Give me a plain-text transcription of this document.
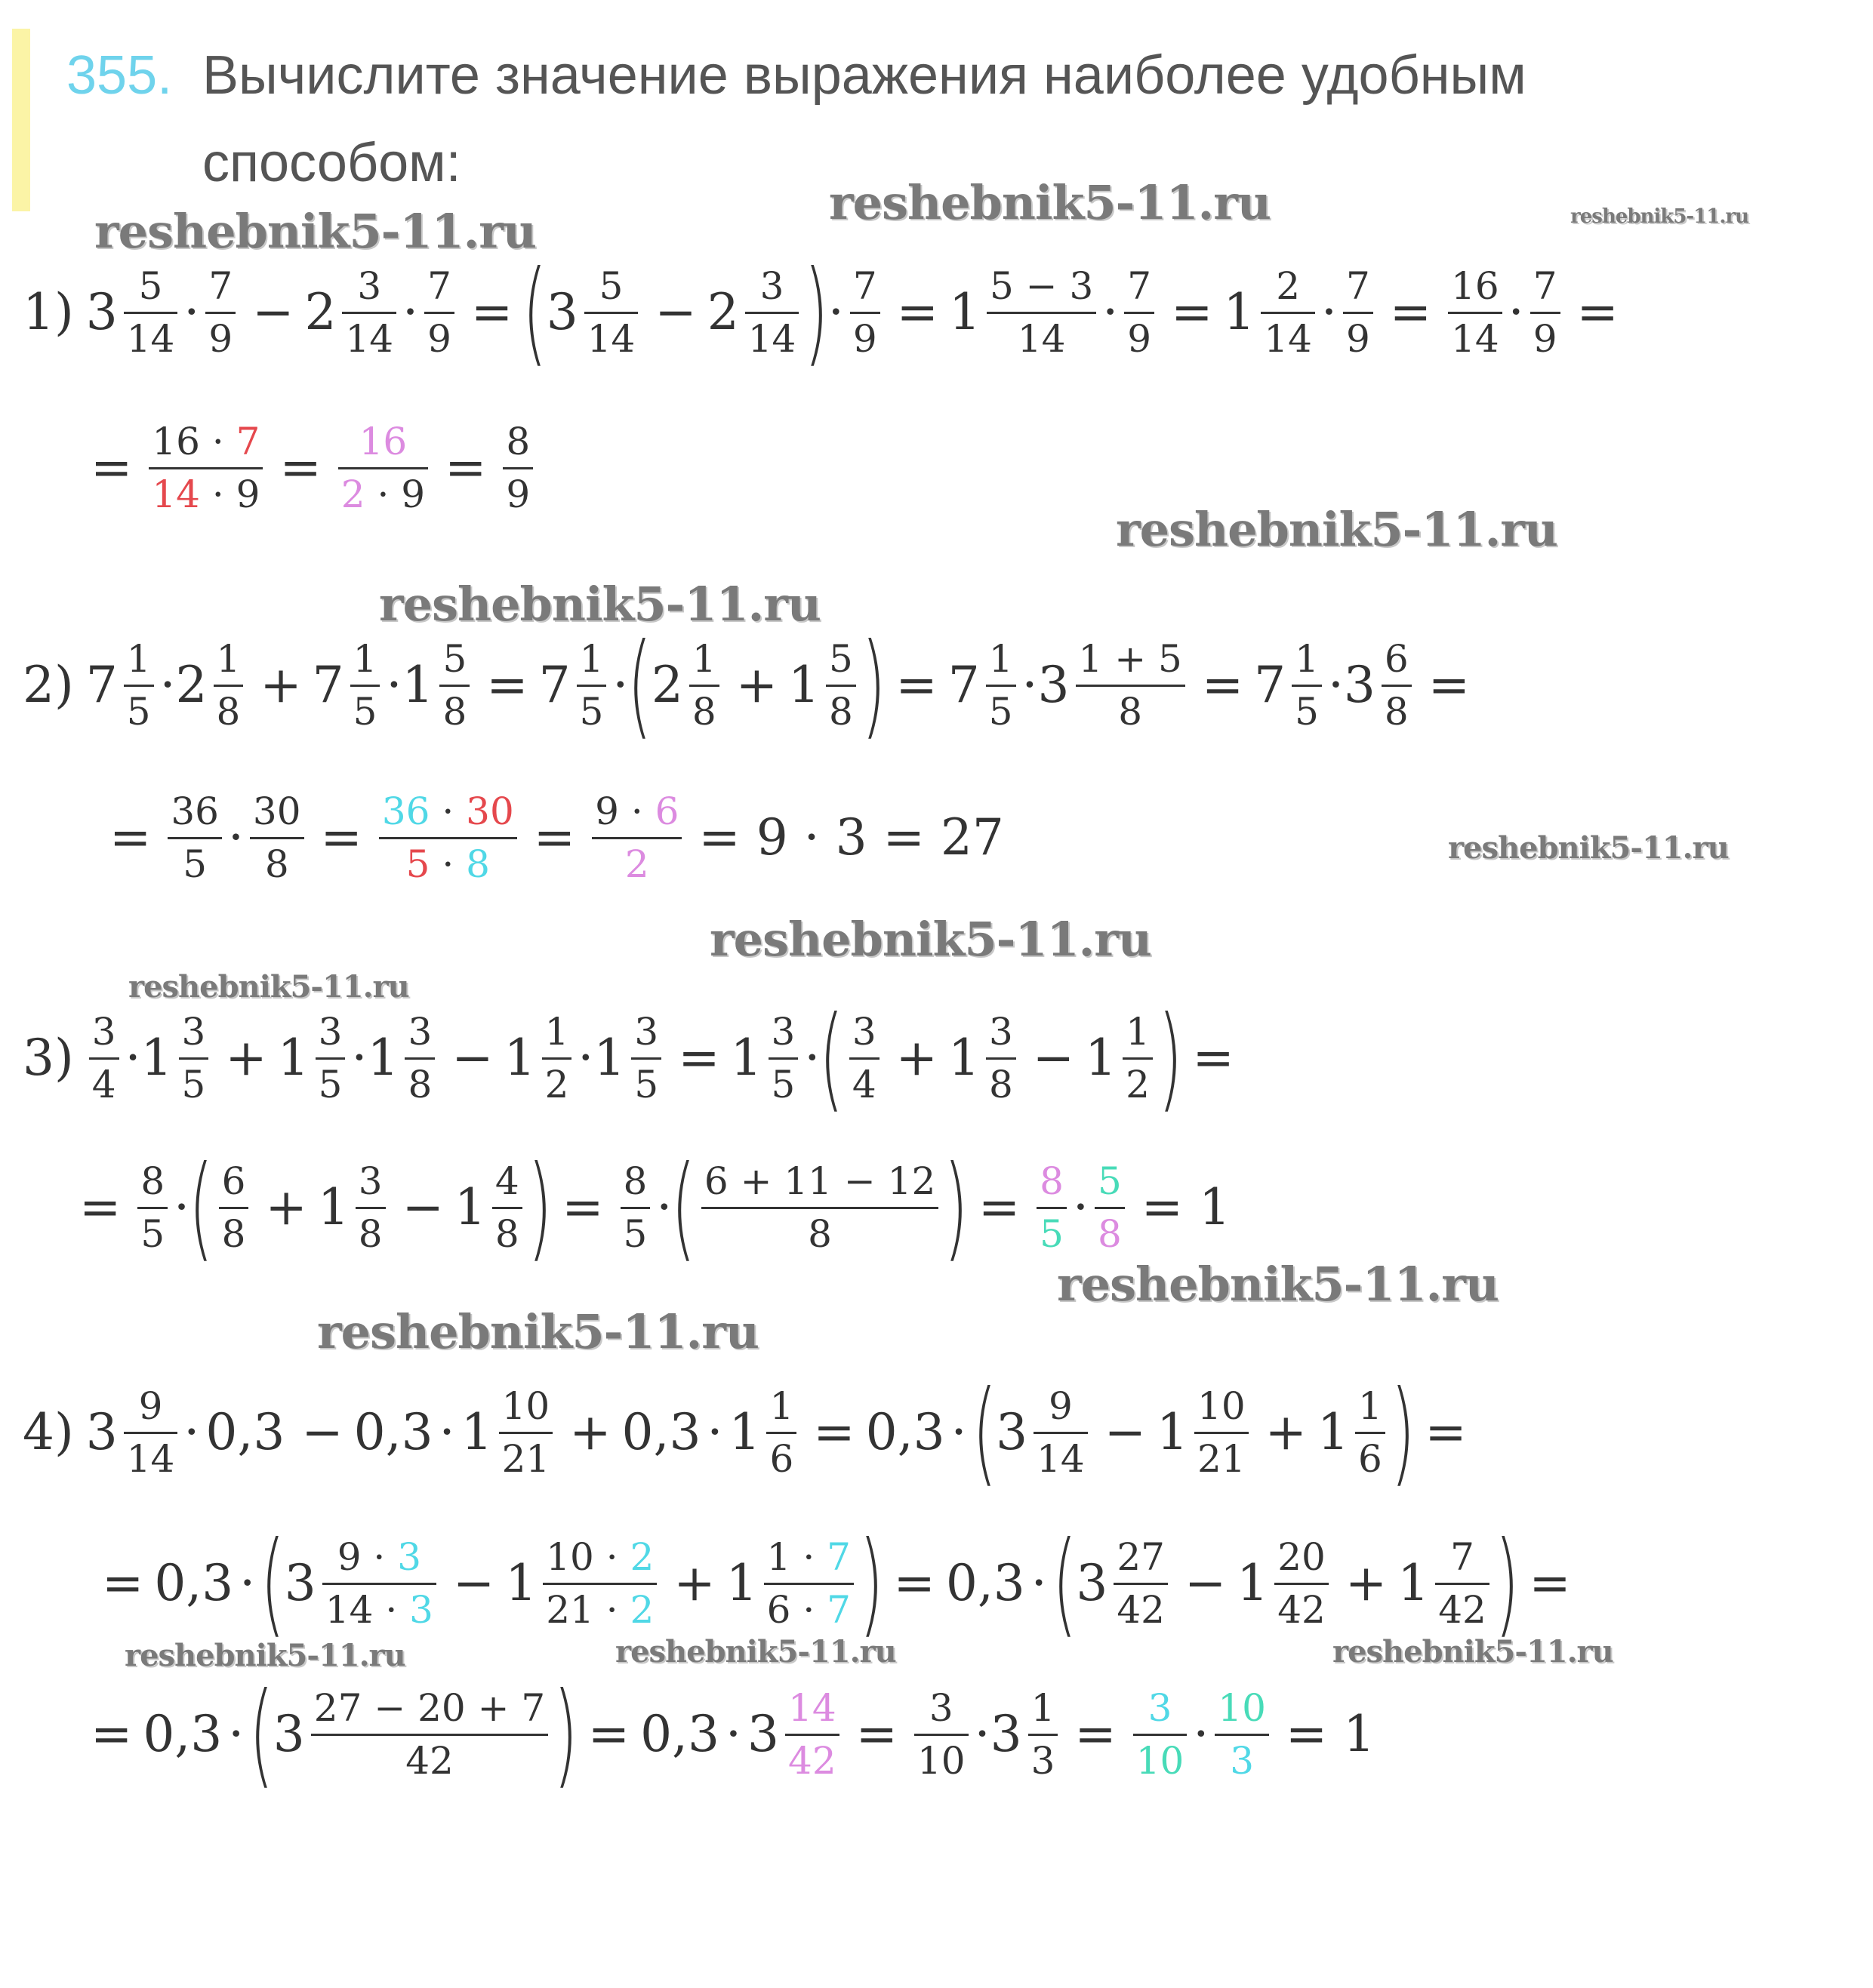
355. Вычислите значение выражения наиболее удобным
способом:
reshebnik5-11.ru
reshebnik5-11.ru	reshebnik5-11.ru
reshebnik5-11.ru
reshebnik5-11.ru
reshebnik5-11.ru
reshebnik5-11.ru
reshebnik5-11.ru
reshebnik5-11.ru
reshebnik5-11.ru
reshebnik5-11.ru	reshebnik5-11.ru	reshebnik5-11.ru
1) 3 5
14 · 7
9 − 2 3
14 · 7
9 = ( 3 5
14 − 2 3
14 ) · 7
9 = 1 5 − 3
14 · 7
9 = 1 2
14 · 7
9 = 16
14 · 7
9 =
= 16 · 7
14 · 9 = 16
2 · 9 = 8
9
2) 7 1
5 · 2 1
8 + 7 1
5 · 1 5
8 = 7 1
5 · ( 2 1
8 + 1 5
8 ) = 7 1
5 · 3 1 + 5
8 = 7 1
5 · 3 6
8 =
= 36
5 · 30
8 = 36 · 30
5 · 8 = 9 · 6
2 = 9 · 3 = 27
3) 3
4 · 1 3
5 + 1 3
5 · 1 3
8 − 1 1
2 · 1 3
5 = 1 3
5 · ( 3
4 + 1 3
8 − 1 1
2 ) =
= 8
5 · ( 6
8 + 1 3
8 − 1 4
8 ) = 8
5 · ( 6 + 11 − 12
8 ) = 8
5 · 5
8 = 1
4) 3 9
14 · 0,3 − 0,3 · 1 10
21 + 0,3 · 1 1
6 = 0,3 · ( 3 9
14 − 1 10
21 + 1 1
6 ) =
= 0,3 · ( 3 9 · 3
14 · 3 − 1 10 · 2
21 · 2 + 1 1 · 7
6 · 7 ) = 0,3 · ( 3 27
42 − 1 20
42 + 1 7
42 ) =
= 0,3 · ( 3 27 − 20 + 7
42 ) = 0,3 · 3 14
42 = 3
10 · 3 1
3 = 3
10 · 10
3 = 1
